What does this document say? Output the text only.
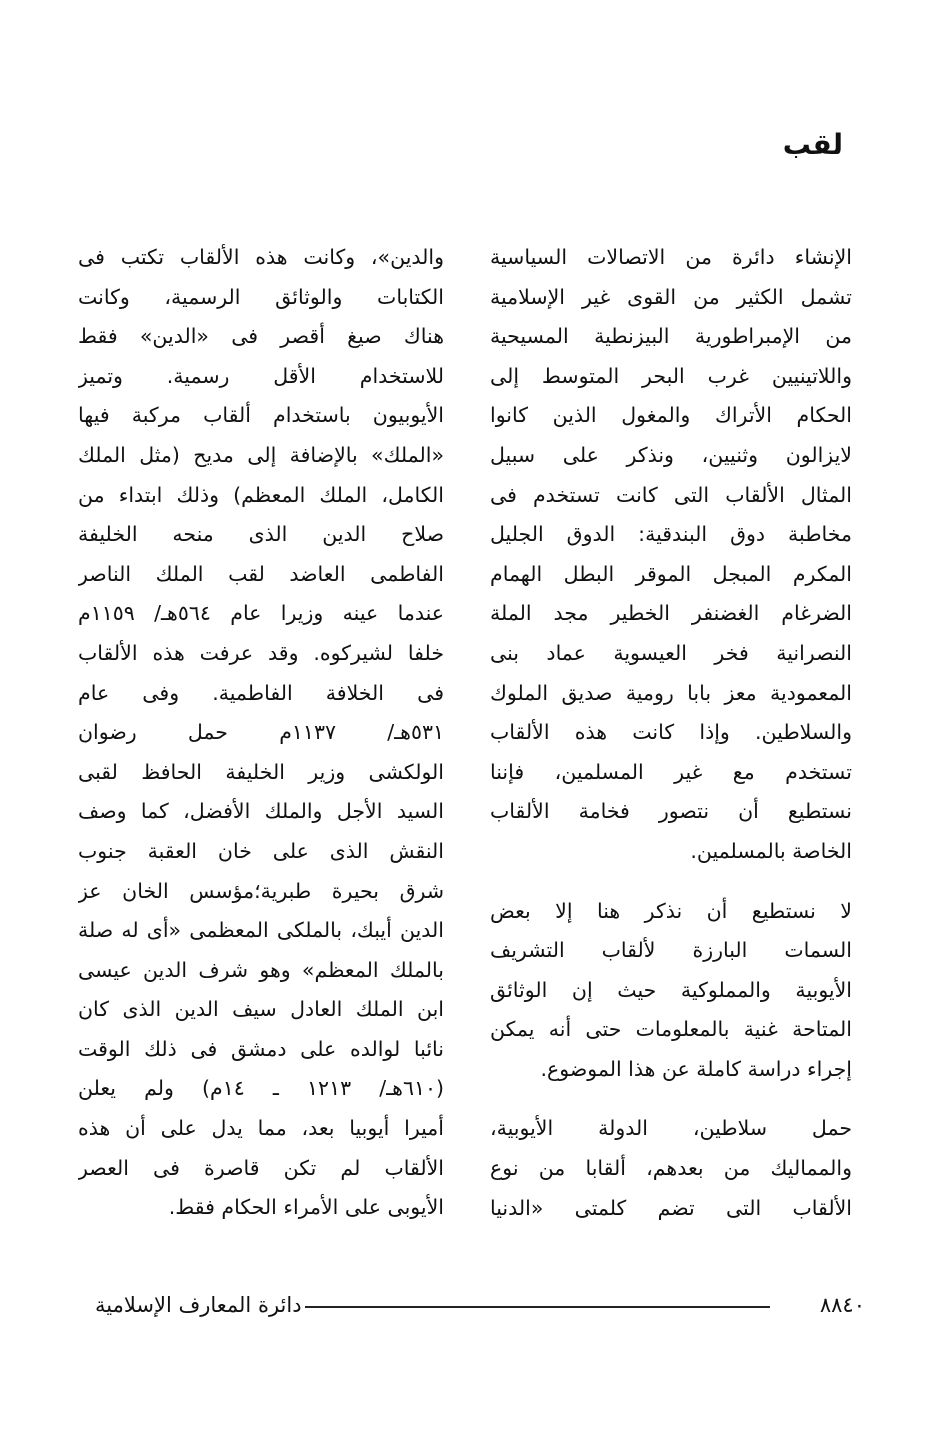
لقب
الإنشاء دائرة من الاتصالات السياسية
تشمل الكثير من القوى غير الإسلامية
من الإمبراطورية البيزنطية المسيحية
واللاتينيين غرب البحر المتوسط إلى
الحكام الأتراك والمغول الذين كانوا
لايزالون وثنيين، ونذكر على سبيل
المثال الألقاب التى كانت تستخدم فى
مخاطبة دوق البندقية: الدوق الجليل
المكرم المبجل الموقر البطل الهمام
الضرغام الغضنفر الخطير مجد الملة
النصرانية فخر العيسوية عماد بنى
المعمودية معز بابا رومية صديق الملوك
والسلاطين. وإذا كانت هذه الألقاب
تستخدم مع غير المسلمين، فإننا
نستطيع أن نتصور فخامة الألقاب
الخاصة بالمسلمين.
لا نستطيع أن نذكر هنا إلا بعض
السمات البارزة لألقاب التشريف
الأيوبية والمملوكية حيث إن الوثائق
المتاحة غنية بالمعلومات حتى أنه يمكن
إجراء دراسة كاملة عن هذا الموضوع.
حمل سلاطين، الدولة الأيوبية،
والمماليك من بعدهم، ألقابا من نوع
الألقاب التى تضم كلمتى «الدنيا
والدين»، وكانت هذه الألقاب تكتب فى
الكتابات والوثائق الرسمية، وكانت
هناك صيغ أقصر فى «الدين» فقط
للاستخدام الأقل رسمية. وتميز
الأيوبيون باستخدام ألقاب مركبة فيها
«الملك» بالإضافة إلى مديح (مثل الملك
الكامل، الملك المعظم) وذلك ابتداء من
صلاح الدين الذى منحه الخليفة
الفاطمى العاضد لقب الملك الناصر
عندما عينه وزيرا عام ٥٦٤هـ/ ١١٥٩م
خلفا لشيركوه. وقد عرفت هذه الألقاب
فى الخلافة الفاطمية. وفى عام
٥٣١هـ/ ١١٣٧م حمل رضوان
الولكشى وزير الخليفة الحافظ لقبى
السيد الأجل والملك الأفضل، كما وصف
النقش الذى على خان العقبة جنوب
شرق بحيرة طبرية؛مؤسس الخان عز
الدين أيبك، بالملكى المعظمى «أى له صلة
بالملك المعظم» وهو شرف الدين عيسى
ابن الملك العادل سيف الدين الذى كان
نائبا لوالده على دمشق فى ذلك الوقت
(٦١٠هـ/ ١٢١٣ ـ ١٤م) ولم يعلن
أميرا أيوبيا بعد، مما يدل على أن هذه
الألقاب لم تكن قاصرة فى العصر
الأيوبى على الأمراء الحكام فقط.
دائرة المعارف الإسلامية	٨٨٤٠
